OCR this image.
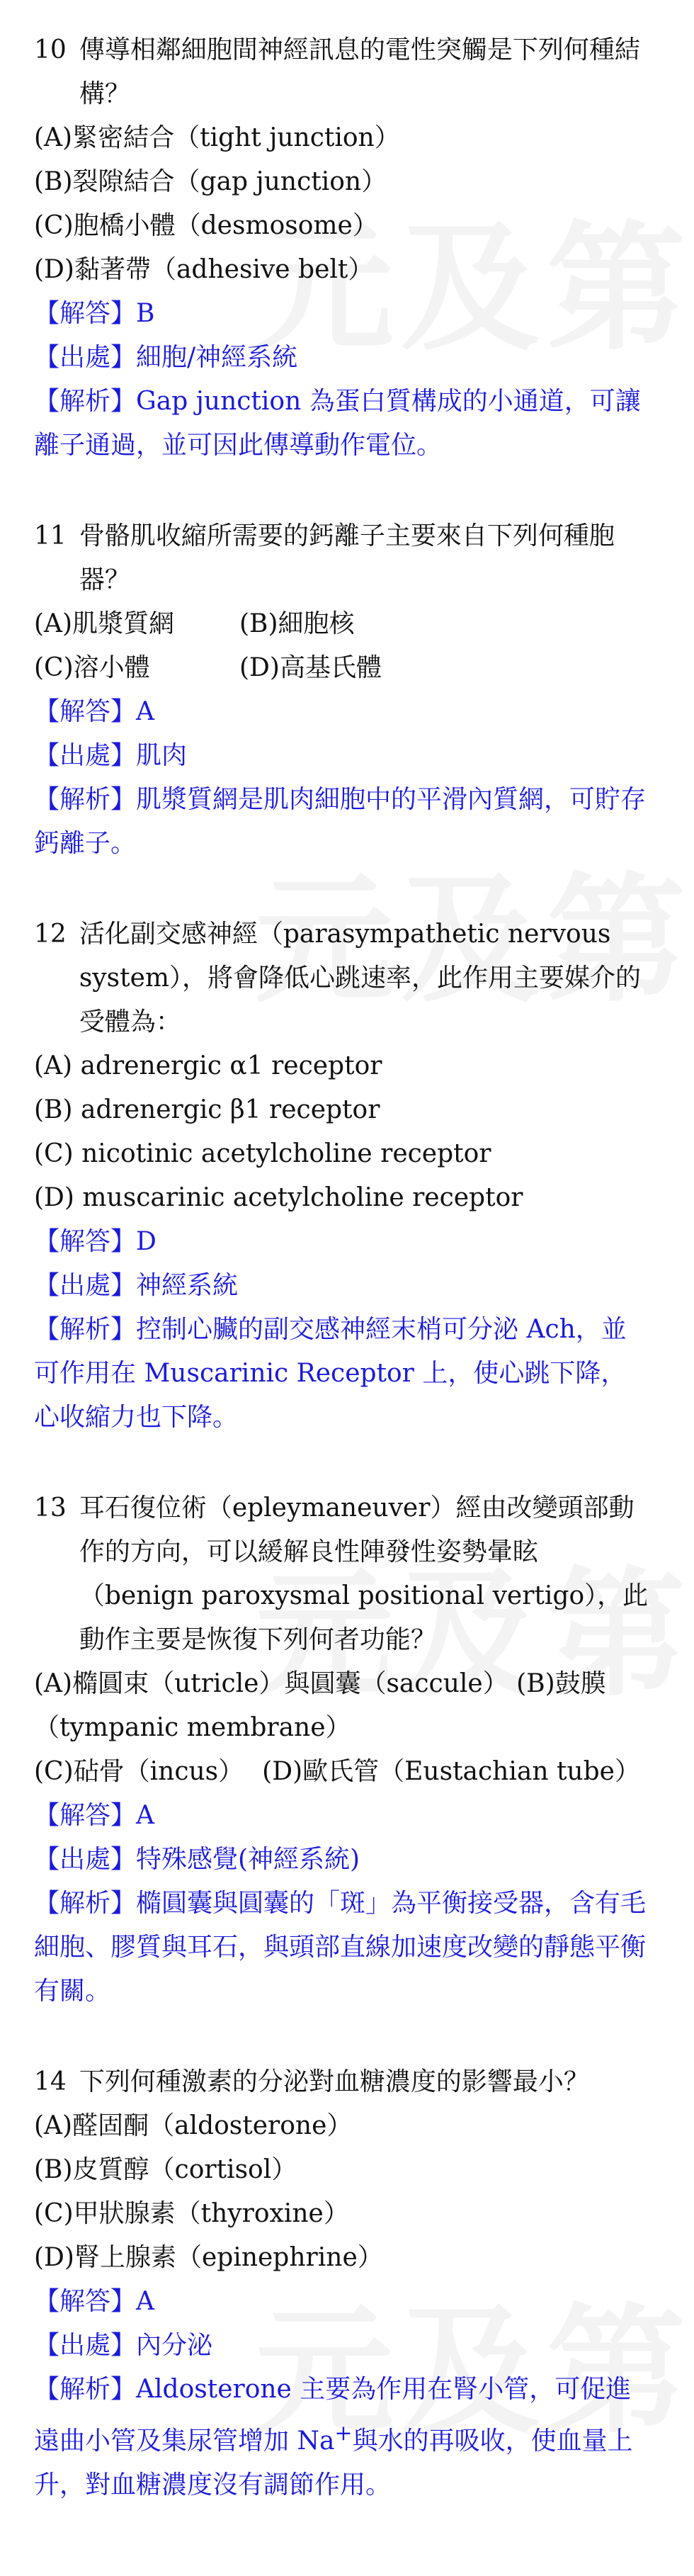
10 傳導相鄰細胞間神經訊息的電性突觸是下列何種結構？
(A)緊密結合（tight junction）
(B)裂隙結合（gap junction）
(C)胞橋小體（desmosome）
(D)黏著帶（adhesive belt）
【解答】B
【出處】細胞/神經系統
【解析】Gap junction 為蛋白質構成的小通道，可讓離子通過，並可因此傳導動作電位。
11 骨骼肌收縮所需要的鈣離子主要來自下列何種胞器？
(A)肌漿質網	(B)細胞核
(C)溶小體	(D)高基氏體
【解答】A
【出處】肌肉
【解析】肌漿質網是肌肉細胞中的平滑內質網，可貯存鈣離子。
12 活化副交感神經（parasympathetic nervous system），將會降低心跳速率，此作用主要媒介的受體為：
(A) adrenergic α1 receptor
(B) adrenergic β1 receptor
(C) nicotinic acetylcholine receptor
(D) muscarinic acetylcholine receptor
【解答】D
【出處】神經系統
【解析】控制心臟的副交感神經末梢可分泌 Ach，並可作用在 Muscarinic Receptor 上，使心跳下降，心收縮力也下降。
13 耳石復位術（epleymaneuver）經由改變頭部動作的方向，可以緩解良性陣發性姿勢暈眩（benign paroxysmal positional vertigo），此動作主要是恢復下列何者功能？
(A)橢圓束（utricle）與圓囊（saccule） (B)鼓膜（tympanic membrane）
(C)砧骨（incus） (D)歐氏管（Eustachian tube）
【解答】A
【出處】特殊感覺(神經系統)
【解析】橢圓囊與圓囊的「斑」為平衡接受器，含有毛細胞、膠質與耳石，與頭部直線加速度改變的靜態平衡有關。
14 下列何種激素的分泌對血糖濃度的影響最小？
(A)醛固酮（aldosterone）
(B)皮質醇（cortisol）
(C)甲狀腺素（thyroxine）
(D)腎上腺素（epinephrine）
【解答】A
【出處】內分泌
【解析】Aldosterone 主要為作用在腎小管，可促進遠曲小管及集尿管增加 Na+與水的再吸收，使血量上升，對血糖濃度沒有調節作用。
